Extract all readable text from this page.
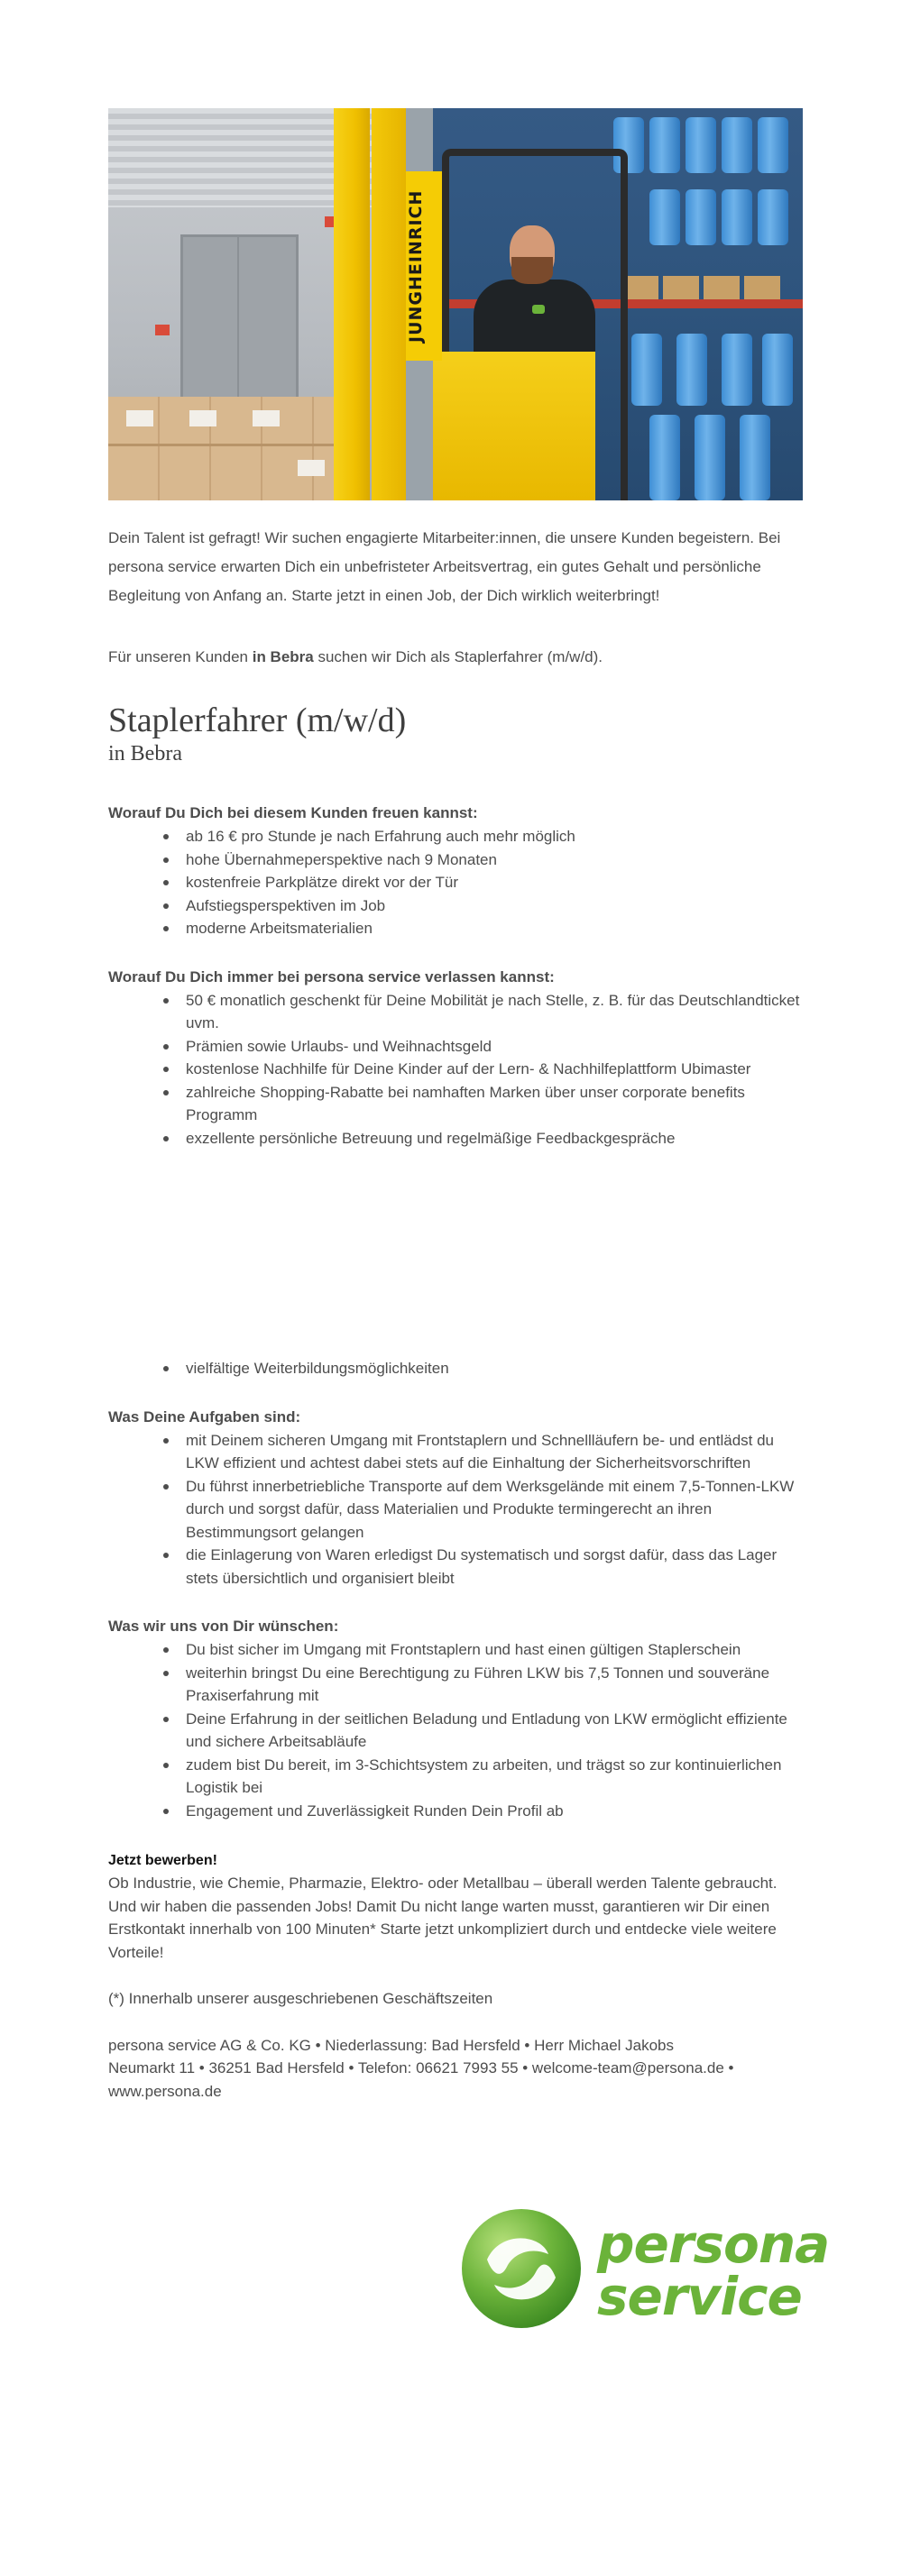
JUNGHEINRICH
Dein Talent ist gefragt! Wir suchen engagierte Mitarbeiter:innen, die unsere Kunden begeistern. Bei persona service erwarten Dich ein unbefristeter Arbeitsvertrag, ein gutes Gehalt und persönliche Begleitung von Anfang an. Starte jetzt in einen Job, der Dich wirklich weiterbringt!
Für unseren Kunden in Bebra suchen wir Dich als Staplerfahrer (m/w/d).
Staplerfahrer (m/w/d)
in Bebra
Worauf Du Dich bei diesem Kunden freuen kannst:
ab 16 € pro Stunde je nach Erfahrung auch mehr möglich
hohe Übernahmeperspektive nach 9 Monaten
kostenfreie Parkplätze direkt vor der Tür
Aufstiegsperspektiven im Job
moderne Arbeitsmaterialien
Worauf Du Dich immer bei persona service verlassen kannst:
50 € monatlich geschenkt für Deine Mobilität je nach Stelle, z. B. für das Deutschlandticket uvm.
Prämien sowie Urlaubs- und Weihnachtsgeld
kostenlose Nachhilfe für Deine Kinder auf der Lern- & Nachhilfeplattform Ubimaster
zahlreiche Shopping-Rabatte bei namhaften Marken über unser corporate benefits Programm
exzellente persönliche Betreuung und regelmäßige Feedbackgespräche
vielfältige Weiterbildungsmöglichkeiten
Was Deine Aufgaben sind:
mit Deinem sicheren Umgang mit Frontstaplern und Schnellläufern be- und entlädst du LKW effizient und achtest dabei stets auf die Einhaltung der Sicherheitsvorschriften
Du führst innerbetriebliche Transporte auf dem Werksgelände mit einem 7,5-Tonnen-LKW durch und sorgst dafür, dass Materialien und Produkte termingerecht an ihren Bestimmungsort gelangen
die Einlagerung von Waren erledigst Du systematisch und sorgst dafür, dass das Lager stets übersichtlich und organisiert bleibt
Was wir uns von Dir wünschen:
Du bist sicher im Umgang mit Frontstaplern und hast einen gültigen Staplerschein
weiterhin bringst Du eine Berechtigung zu Führen LKW bis 7,5 Tonnen und souveräne Praxiserfahrung mit
Deine Erfahrung in der seitlichen Beladung und Entladung von LKW ermöglicht effiziente und sichere Arbeitsabläufe
zudem bist Du bereit, im 3-Schichtsystem zu arbeiten, und trägst so zur kontinuierlichen Logistik bei
Engagement und Zuverlässigkeit Runden Dein Profil ab
Jetzt bewerben!
Ob Industrie, wie Chemie, Pharmazie, Elektro- oder Metallbau – überall werden Talente gebraucht. Und wir haben die passenden Jobs! Damit Du nicht lange warten musst, garantieren wir Dir einen Erstkontakt innerhalb von 100 Minuten* Starte jetzt unkompliziert durch und entdecke viele weitere Vorteile!
(*) Innerhalb unserer ausgeschriebenen Geschäftszeiten
persona service AG & Co. KG • Niederlassung: Bad Hersfeld • Herr Michael Jakobs
Neumarkt 11 • 36251 Bad Hersfeld • Telefon: 06621 7993 55 • welcome-team@persona.de •
www.persona.de
persona
service
